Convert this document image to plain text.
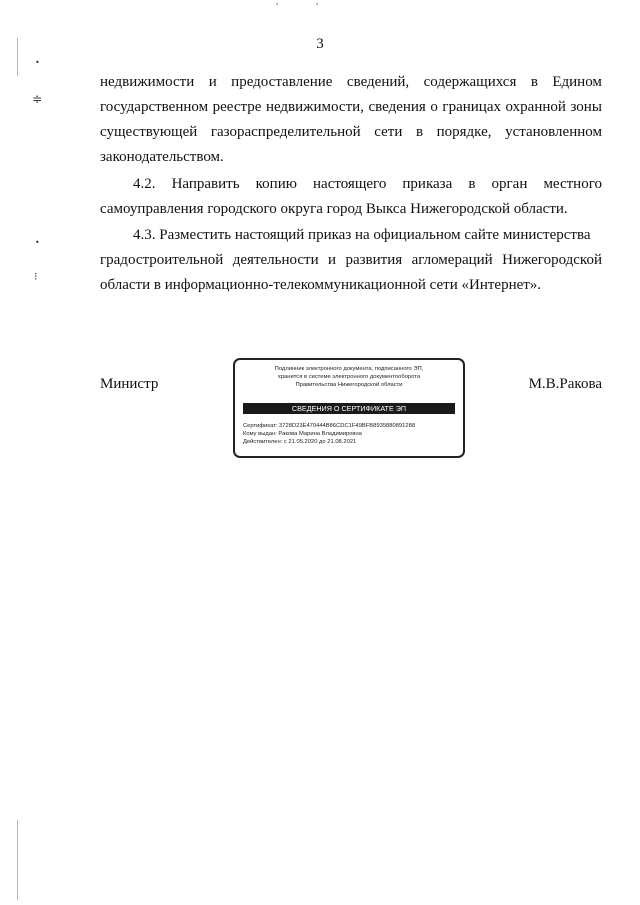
•
≑
•
⁝
'	'
3
недвижимости и предоставление сведений, содержащихся в Едином
государственном реестре недвижимости, сведения о границах охранной зоны
существующей газораспределительной сети в порядке, установленном
законодательством.
4.2. Направить копию настоящего приказа в орган местного
самоуправления городского округа город Выкса Нижегородской области.
4.3. Разместить настоящий приказ на официальном сайте министерства
градостроительной деятельности и развития агломераций Нижегородской
области в информационно-телекоммуникационной сети «Интернет».
Министр	М.В.Ракова
Подлинник электронного документа, подписанного ЭП,
хранится в системе электронного документооборота
Правительства Нижегородской области
СВЕДЕНИЯ О СЕРТИФИКАТЕ ЭП
Сертификат: 3728D23E470444B86CDC1F49BFB8935880891288
Кому выдан: Ракова Марина Владимировна
Действителен: с 21.05.2020 до 21.08.2021
